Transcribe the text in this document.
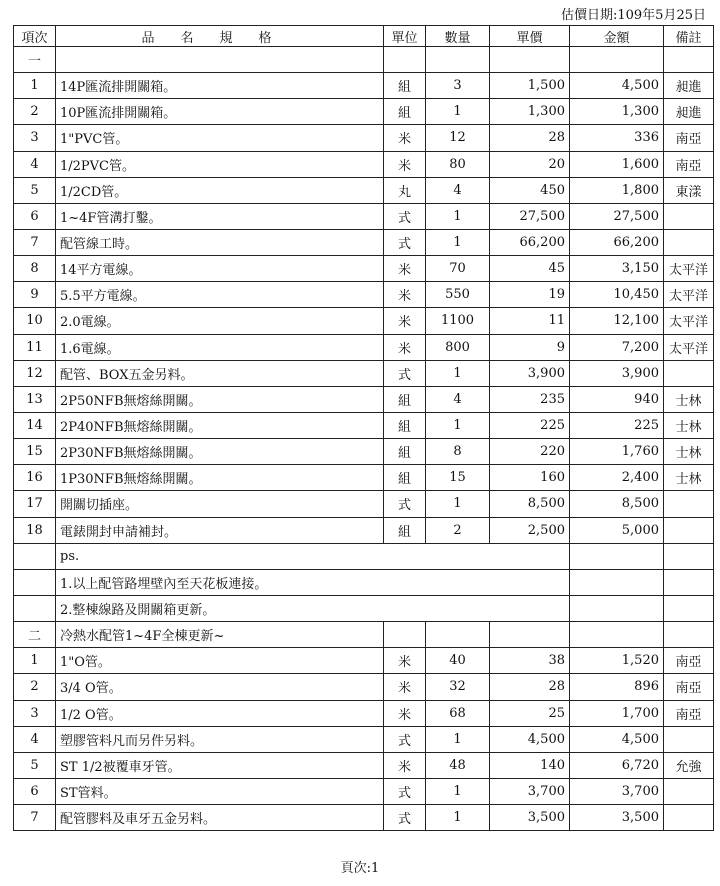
估價日期:109年5月25日
項次	品名規格	單位	數量	單價	金額	備註
一						
1	14P匯流排開關箱。	組	3	1,500	4,500	昶進
2	10P匯流排開關箱。	組	1	1,300	1,300	昶進
3	1"PVC管。	米	12	28	336	南亞
4	1/2PVC管。	米	80	20	1,600	南亞
5	1/2CD管。	丸	4	450	1,800	東漾
6	1~4F管溝打鑿。	式	1	27,500	27,500	
7	配管線工時。	式	1	66,200	66,200	
8	14平方電線。	米	70	45	3,150	太平洋
9	5.5平方電線。	米	550	19	10,450	太平洋
10	2.0電線。	米	1100	11	12,100	太平洋
11	1.6電線。	米	800	9	7,200	太平洋
12	配管、BOX五金另料。	式	1	3,900	3,900	
13	2P50NFB無熔絲開關。	組	4	235	940	士林
14	2P40NFB無熔絲開關。	組	1	225	225	士林
15	2P30NFB無熔絲開關。	組	8	220	1,760	士林
16	1P30NFB無熔絲開關。	組	15	160	2,400	士林
17	開關切插座。	式	1	8,500	8,500	
18	電錶開封申請補封。	組	2	2,500	5,000	
	ps.					
	1.以上配管路埋壁內至天花板連接。					
	2.整棟線路及開關箱更新。					
二	冷熱水配管1~4F全棟更新~					
1	1"O管。	米	40	38	1,520	南亞
2	3/4 O管。	米	32	28	896	南亞
3	1/2 O管。	米	68	25	1,700	南亞
4	塑膠管料凡而另件另料。	式	1	4,500	4,500	
5	ST 1/2被覆車牙管。	米	48	140	6,720	允強
6	ST管料。	式	1	3,700	3,700	
7	配管膠料及車牙五金另料。	式	1	3,500	3,500	
頁次:1
